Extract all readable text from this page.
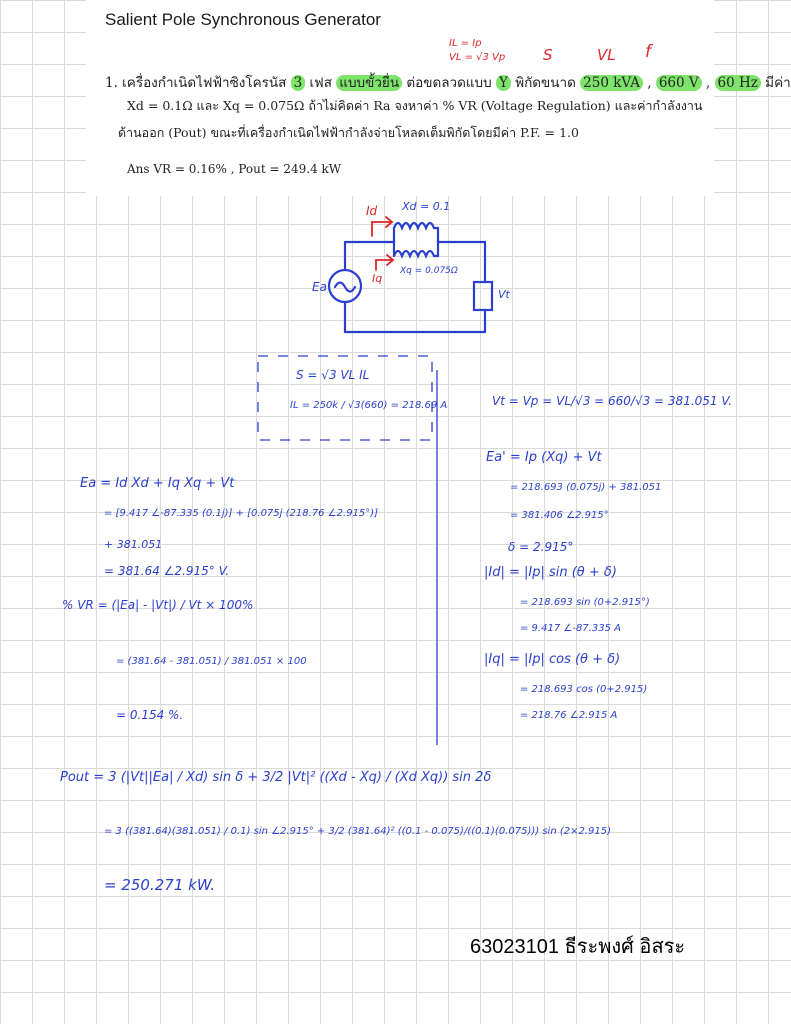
Salient Pole Synchronous Generator
1. เครื่องกำเนิดไฟฟ้าซิงโครนัส 3 เฟส แบบขั้วยื่น ต่อขดลวดแบบ Y พิกัดขนาด 250 kVA , 660 V , 60 Hz มีค่า
Xd = 0.1Ω และ Xq = 0.075Ω ถ้าไม่คิดค่า Ra จงหาค่า % VR (Voltage Regulation) และค่ากำลังงาน
ด้านออก (Pout) ขณะที่เครื่องกำเนิดไฟฟ้ากำลังจ่ายโหลดเต็มพิกัดโดยมีค่า P.F. = 1.0
Ans VR = 0.16% , Pout = 249.4 kW
IL = Ip
VL = √3 Vp	S	VL f
Id Xd = 0.1
Iq
Xq = 0.075Ω
Ea
Vt
S = √3 VL IL
IL = 250k / √3(660) = 218.69 A	Vt = Vp = VL/√3 = 660/√3 = 381.051 V.
Ea' = Ip (Xq) + Vt
= 218.693 (0.075j) + 381.051
= 381.406 ∠2.915°
δ = 2.915°
|Id| = |Ip| sin (θ + δ)
= 218.693 sin (0+2.915°)
= 9.417 ∠-87.335 A
|Iq| = |Ip| cos (θ + δ)
= 218.693 cos (0+2.915)
= 218.76 ∠2.915 A
Ea = Id Xd + Iq Xq + Vt
= [9.417 ∠-87.335 (0.1j)] + [0.075j (218.76 ∠2.915°)]
+ 381.051
= 381.64 ∠2.915° V.
% VR = (|Ea| - |Vt|) / Vt × 100%
= (381.64 - 381.051) / 381.051 × 100
= 0.154 %.
Pout = 3 (|Vt||Ea| / Xd) sin δ + 3/2 |Vt|² ((Xd - Xq) / (Xd Xq)) sin 2δ
= 3 ((381.64)(381.051) / 0.1) sin ∠2.915° + 3/2 (381.64)² ((0.1 - 0.075)/((0.1)(0.075))) sin (2×2.915)
= 250.271 kW.
63023101 ธีระพงศ์ อิสระ
